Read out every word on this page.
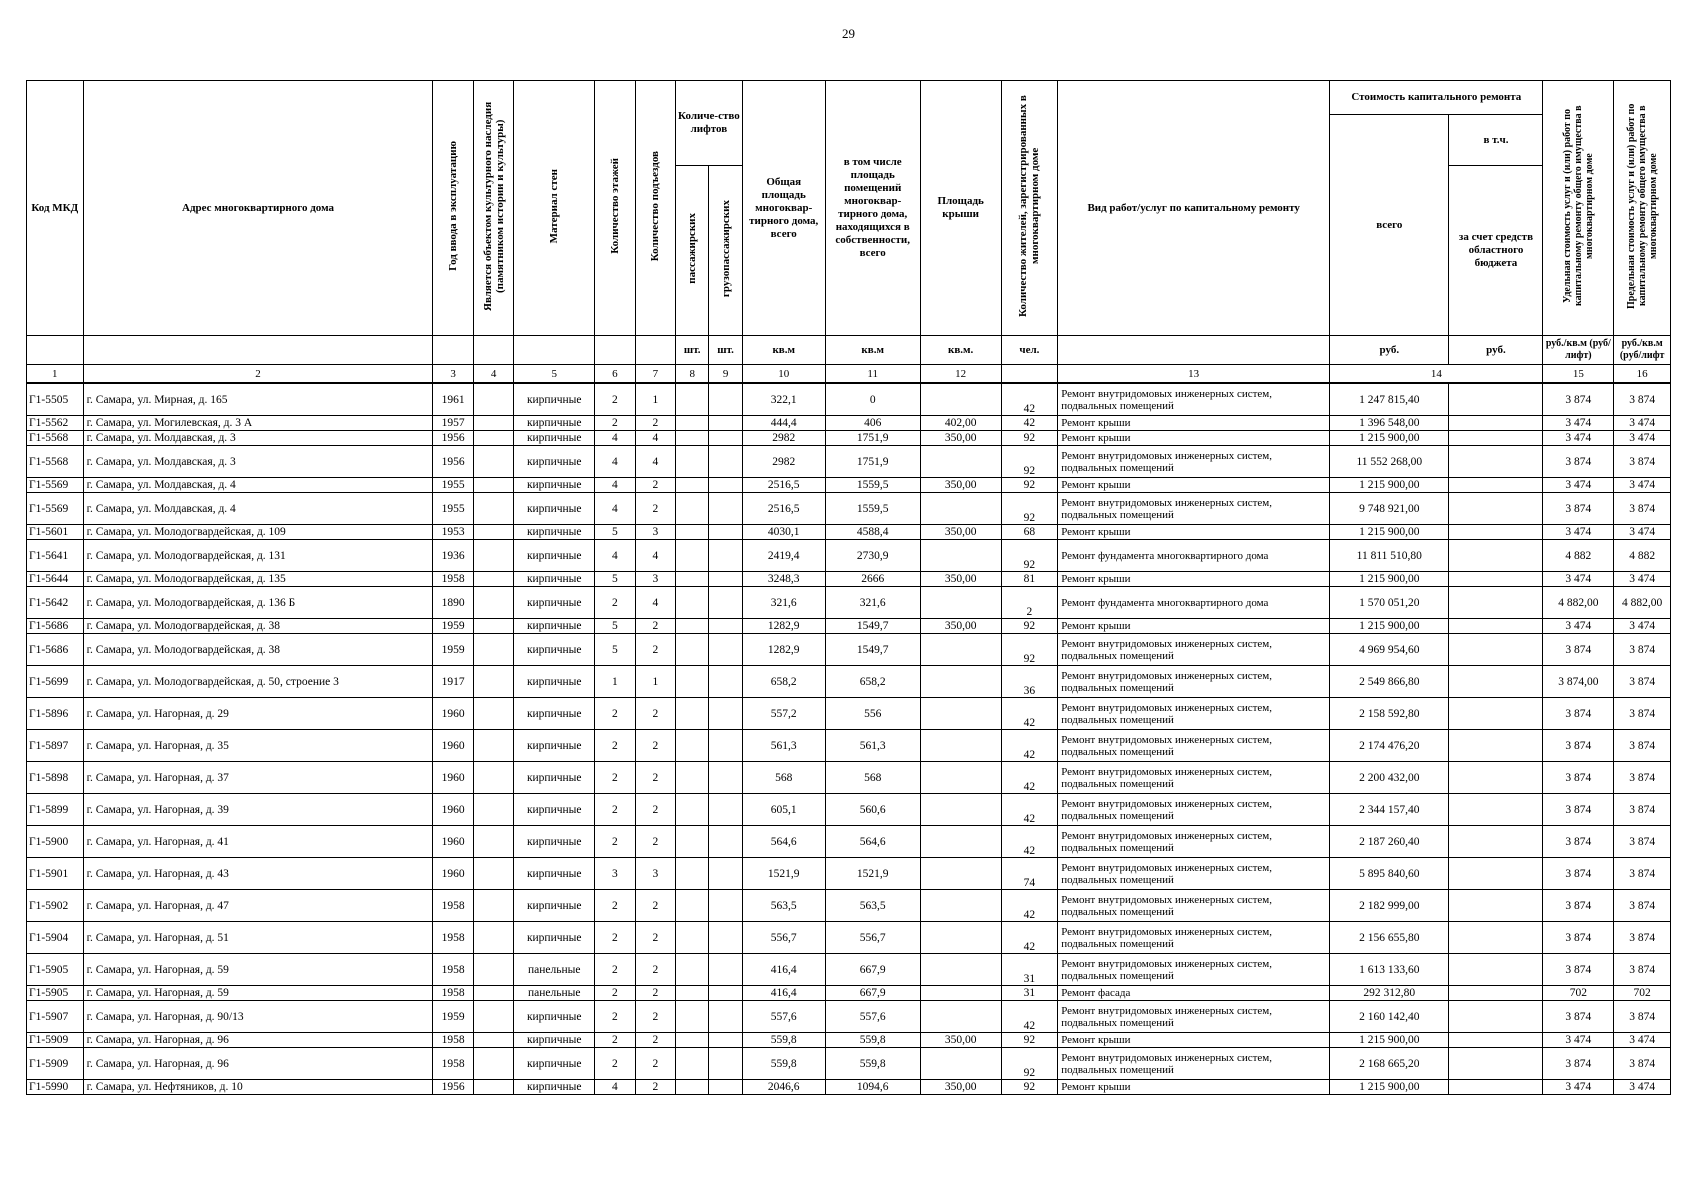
29
Код МКД	Адрес многоквартирного дома	Год ввода в эксплуатацию	Является объектом культурного наследия (памятником истории и культуры)	Материал стен	Количество этажей	Количество подъездов	Количе-ство лифтов		Общая площадь многоквар-тирного дома, всего	в том числе площадь помещений многоквар-тирного дома, находящихся в собственности, всего	Площадь крыши	Количество жителей, зарегистрированных в многоквартирном доме	Вид работ/услуг по капитальному ремонту	Стоимость капитального ремонта		Удельная стоимость услуг и (или) работ по капитальному ремонту общего имущества в многоквартирном доме	Предельная стоимость услуг и (или) работ по капитальному ремонту общего имущества в многоквартирном доме
														всего	в т.ч.		
							пассажирских	грузопассажирских							за счет средств областного бюджета		
							шт.	шт.	кв.м	кв.м	кв.м.	чел.		руб.	руб.	руб./кв.м (руб/лифт)	руб./кв.м (руб/лифт
1	2	3	4	5	6	7	8	9	10	11	12		13	14		15	16
Г1-5505	г. Самара, ул. Мирная, д. 165	1961		кирпичные	2	1			322,1	0		42	Ремонт внутридомовых инженерных систем, подвальных помещений	1 247 815,40		3 874	3 874
Г1-5562	г. Самара, ул. Могилевская, д. 3 А	1957		кирпичные	2	2			444,4	406	402,00	42	Ремонт крыши	1 396 548,00		3 474	3 474
Г1-5568	г. Самара, ул. Молдавская, д. 3	1956		кирпичные	4	4			2982	1751,9	350,00	92	Ремонт крыши	1 215 900,00		3 474	3 474
Г1-5568	г. Самара, ул. Молдавская, д. 3	1956		кирпичные	4	4			2982	1751,9		92	Ремонт внутридомовых инженерных систем, подвальных помещений	11 552 268,00		3 874	3 874
Г1-5569	г. Самара, ул. Молдавская, д. 4	1955		кирпичные	4	2			2516,5	1559,5	350,00	92	Ремонт крыши	1 215 900,00		3 474	3 474
Г1-5569	г. Самара, ул. Молдавская, д. 4	1955		кирпичные	4	2			2516,5	1559,5		92	Ремонт внутридомовых инженерных систем, подвальных помещений	9 748 921,00		3 874	3 874
Г1-5601	г. Самара, ул. Молодогвардейская, д. 109	1953		кирпичные	5	3			4030,1	4588,4	350,00	68	Ремонт крыши	1 215 900,00		3 474	3 474
Г1-5641	г. Самара, ул. Молодогвардейская, д. 131	1936		кирпичные	4	4			2419,4	2730,9		92	Ремонт фундамента многоквартирного дома	11 811 510,80		4 882	4 882
Г1-5644	г. Самара, ул. Молодогвардейская, д. 135	1958		кирпичные	5	3			3248,3	2666	350,00	81	Ремонт крыши	1 215 900,00		3 474	3 474
Г1-5642	г. Самара, ул. Молодогвардейская, д. 136 Б	1890		кирпичные	2	4			321,6	321,6		2	Ремонт фундамента многоквартирного дома	1 570 051,20		4 882,00	4 882,00
Г1-5686	г. Самара, ул. Молодогвардейская, д. 38	1959		кирпичные	5	2			1282,9	1549,7	350,00	92	Ремонт крыши	1 215 900,00		3 474	3 474
Г1-5686	г. Самара, ул. Молодогвардейская, д. 38	1959		кирпичные	5	2			1282,9	1549,7		92	Ремонт внутридомовых инженерных систем, подвальных помещений	4 969 954,60		3 874	3 874
Г1-5699	г. Самара, ул. Молодогвардейская, д. 50, строение 3	1917		кирпичные	1	1			658,2	658,2		36	Ремонт внутридомовых инженерных систем, подвальных помещений	2 549 866,80		3 874,00	3 874
Г1-5896	г. Самара, ул. Нагорная, д. 29	1960		кирпичные	2	2			557,2	556		42	Ремонт внутридомовых инженерных систем, подвальных помещений	2 158 592,80		3 874	3 874
Г1-5897	г. Самара, ул. Нагорная, д. 35	1960		кирпичные	2	2			561,3	561,3		42	Ремонт внутридомовых инженерных систем, подвальных помещений	2 174 476,20		3 874	3 874
Г1-5898	г. Самара, ул. Нагорная, д. 37	1960		кирпичные	2	2			568	568		42	Ремонт внутридомовых инженерных систем, подвальных помещений	2 200 432,00		3 874	3 874
Г1-5899	г. Самара, ул. Нагорная, д. 39	1960		кирпичные	2	2			605,1	560,6		42	Ремонт внутридомовых инженерных систем, подвальных помещений	2 344 157,40		3 874	3 874
Г1-5900	г. Самара, ул. Нагорная, д. 41	1960		кирпичные	2	2			564,6	564,6		42	Ремонт внутридомовых инженерных систем, подвальных помещений	2 187 260,40		3 874	3 874
Г1-5901	г. Самара, ул. Нагорная, д. 43	1960		кирпичные	3	3			1521,9	1521,9		74	Ремонт внутридомовых инженерных систем, подвальных помещений	5 895 840,60		3 874	3 874
Г1-5902	г. Самара, ул. Нагорная, д. 47	1958		кирпичные	2	2			563,5	563,5		42	Ремонт внутридомовых инженерных систем, подвальных помещений	2 182 999,00		3 874	3 874
Г1-5904	г. Самара, ул. Нагорная, д. 51	1958		кирпичные	2	2			556,7	556,7		42	Ремонт внутридомовых инженерных систем, подвальных помещений	2 156 655,80		3 874	3 874
Г1-5905	г. Самара, ул. Нагорная, д. 59	1958		панельные	2	2			416,4	667,9		31	Ремонт внутридомовых инженерных систем, подвальных помещений	1 613 133,60		3 874	3 874
Г1-5905	г. Самара, ул. Нагорная, д. 59	1958		панельные	2	2			416,4	667,9		31	Ремонт фасада	292 312,80		702	702
Г1-5907	г. Самара, ул. Нагорная, д. 90/13	1959		кирпичные	2	2			557,6	557,6		42	Ремонт внутридомовых инженерных систем, подвальных помещений	2 160 142,40		3 874	3 874
Г1-5909	г. Самара, ул. Нагорная, д. 96	1958		кирпичные	2	2			559,8	559,8	350,00	92	Ремонт крыши	1 215 900,00		3 474	3 474
Г1-5909	г. Самара, ул. Нагорная, д. 96	1958		кирпичные	2	2			559,8	559,8		92	Ремонт внутридомовых инженерных систем, подвальных помещений	2 168 665,20		3 874	3 874
Г1-5990	г. Самара, ул. Нефтяников, д. 10	1956		кирпичные	4	2			2046,6	1094,6	350,00	92	Ремонт крыши	1 215 900,00		3 474	3 474
